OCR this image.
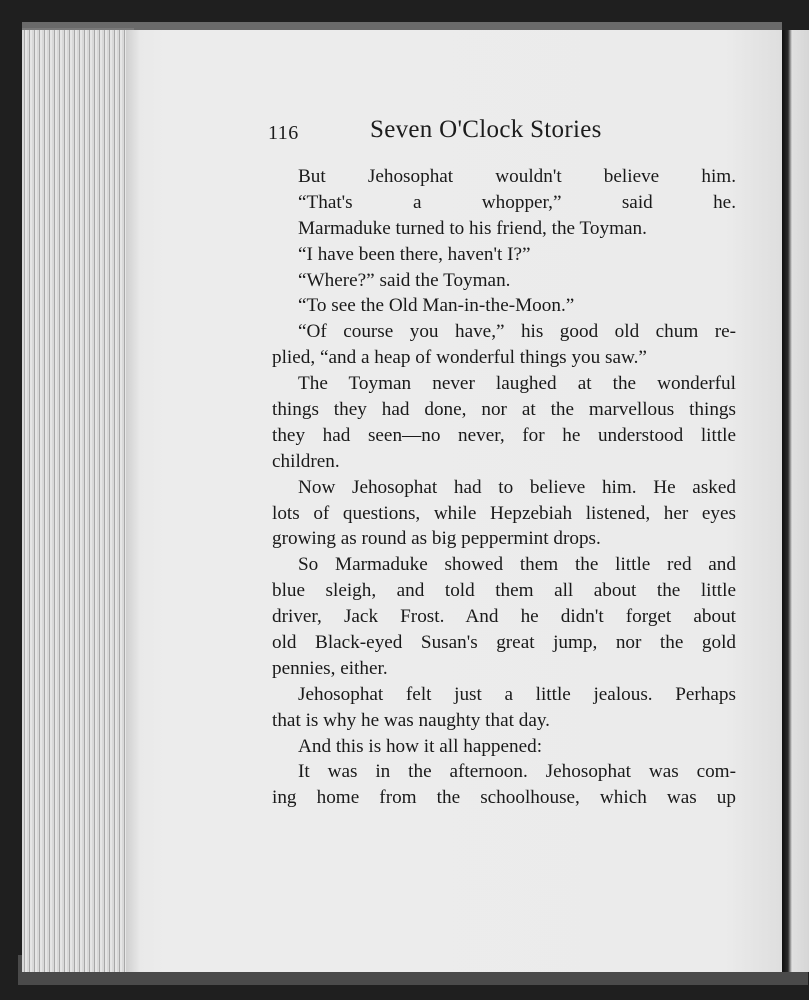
116	Seven O'Clock Stories
But Jehosophat wouldn't believe him.
“That's a whopper,” said he.
Marmaduke turned to his friend, the Toyman.
“I have been there, haven't I?”
“Where?” said the Toyman.
“To see the Old Man-in-the-Moon.”
“Of course you have,” his good old chum re-
plied, “and a heap of wonderful things you saw.”
The Toyman never laughed at the wonderful
things they had done, nor at the marvellous things
they had seen—no never, for he understood little
children.
Now Jehosophat had to believe him. He asked
lots of questions, while Hepzebiah listened, her eyes
growing as round as big peppermint drops.
So Marmaduke showed them the little red and
blue sleigh, and told them all about the little
driver, Jack Frost. And he didn't forget about
old Black-eyed Susan's great jump, nor the gold
pennies, either.
Jehosophat felt just a little jealous. Perhaps
that is why he was naughty that day.
And this is how it all happened:
It was in the afternoon. Jehosophat was com-
ing home from the schoolhouse, which was up
